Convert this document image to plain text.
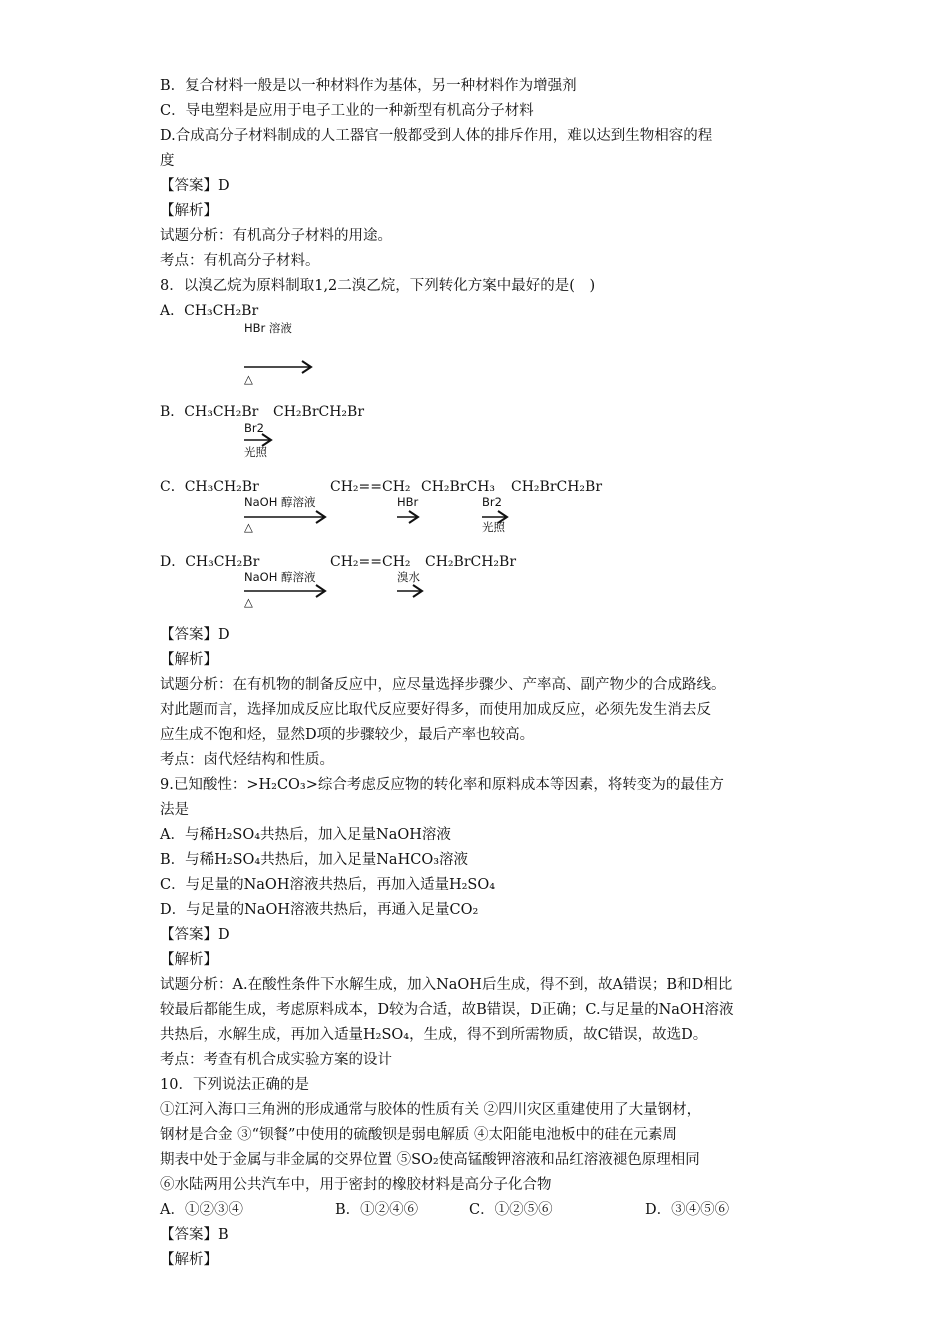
B．复合材料一般是以一种材料作为基体，另一种材料作为增强剂
C．导电塑料是应用于电子工业的一种新型有机高分子材料
D.合成高分子材料制成的人工器官一般都受到人体的排斥作用，难以达到生物相容的程
度
【答案】D
【解析】
试题分析：有机高分子材料的用途。
考点：有机高分子材料。
8．以溴乙烷为原料制取1,2二溴乙烷，下列转化方案中最好的是(　)
A．CH₃CH₂Br
HBr 溶液
△
B．CH₃CH₂Br CH₂BrCH₂Br
Br2
光照
C．CH₃CH₂Br	CH₂==CH₂ CH₂BrCH₃ CH₂BrCH₂Br
NaOH 醇溶液	HBr	Br2
△	光照
D．CH₃CH₂Br	CH₂==CH₂ CH₂BrCH₂Br
NaOH 醇溶液	溴水
△
【答案】D
【解析】
试题分析：在有机物的制备反应中，应尽量选择步骤少、产率高、副产物少的合成路线。
对此题而言，选择加成反应比取代反应要好得多，而使用加成反应，必须先发生消去反
应生成不饱和烃，显然D项的步骤较少，最后产率也较高。
考点：卤代烃结构和性质。
9.已知酸性：>H₂CO₃>综合考虑反应物的转化率和原料成本等因素，将转变为的最佳方
法是
A．与稀H₂SO₄共热后，加入足量NaOH溶液
B．与稀H₂SO₄共热后，加入足量NaHCO₃溶液
C．与足量的NaOH溶液共热后，再加入适量H₂SO₄
D．与足量的NaOH溶液共热后，再通入足量CO₂
【答案】D
【解析】
试题分析：A.在酸性条件下水解生成，加入NaOH后生成，得不到，故A错误；B和D相比
较最后都能生成，考虑原料成本，D较为合适，故B错误，D正确；C.与足量的NaOH溶液
共热后，水解生成，再加入适量H₂SO₄，生成，得不到所需物质，故C错误，故选D。
考点：考查有机合成实验方案的设计
10．下列说法正确的是
①江河入海口三角洲的形成通常与胶体的性质有关 ②四川灾区重建使用了大量钢材，
钢材是合金 ③“钡餐”中使用的硫酸钡是弱电解质 ④太阳能电池板中的硅在元素周
期表中处于金属与非金属的交界位置 ⑤SO₂使高锰酸钾溶液和品红溶液褪色原理相同
⑥水陆两用公共汽车中，用于密封的橡胶材料是高分子化合物
A．①②③④	B．①②④⑥	C．①②⑤⑥	D．③④⑤⑥
【答案】B
【解析】
